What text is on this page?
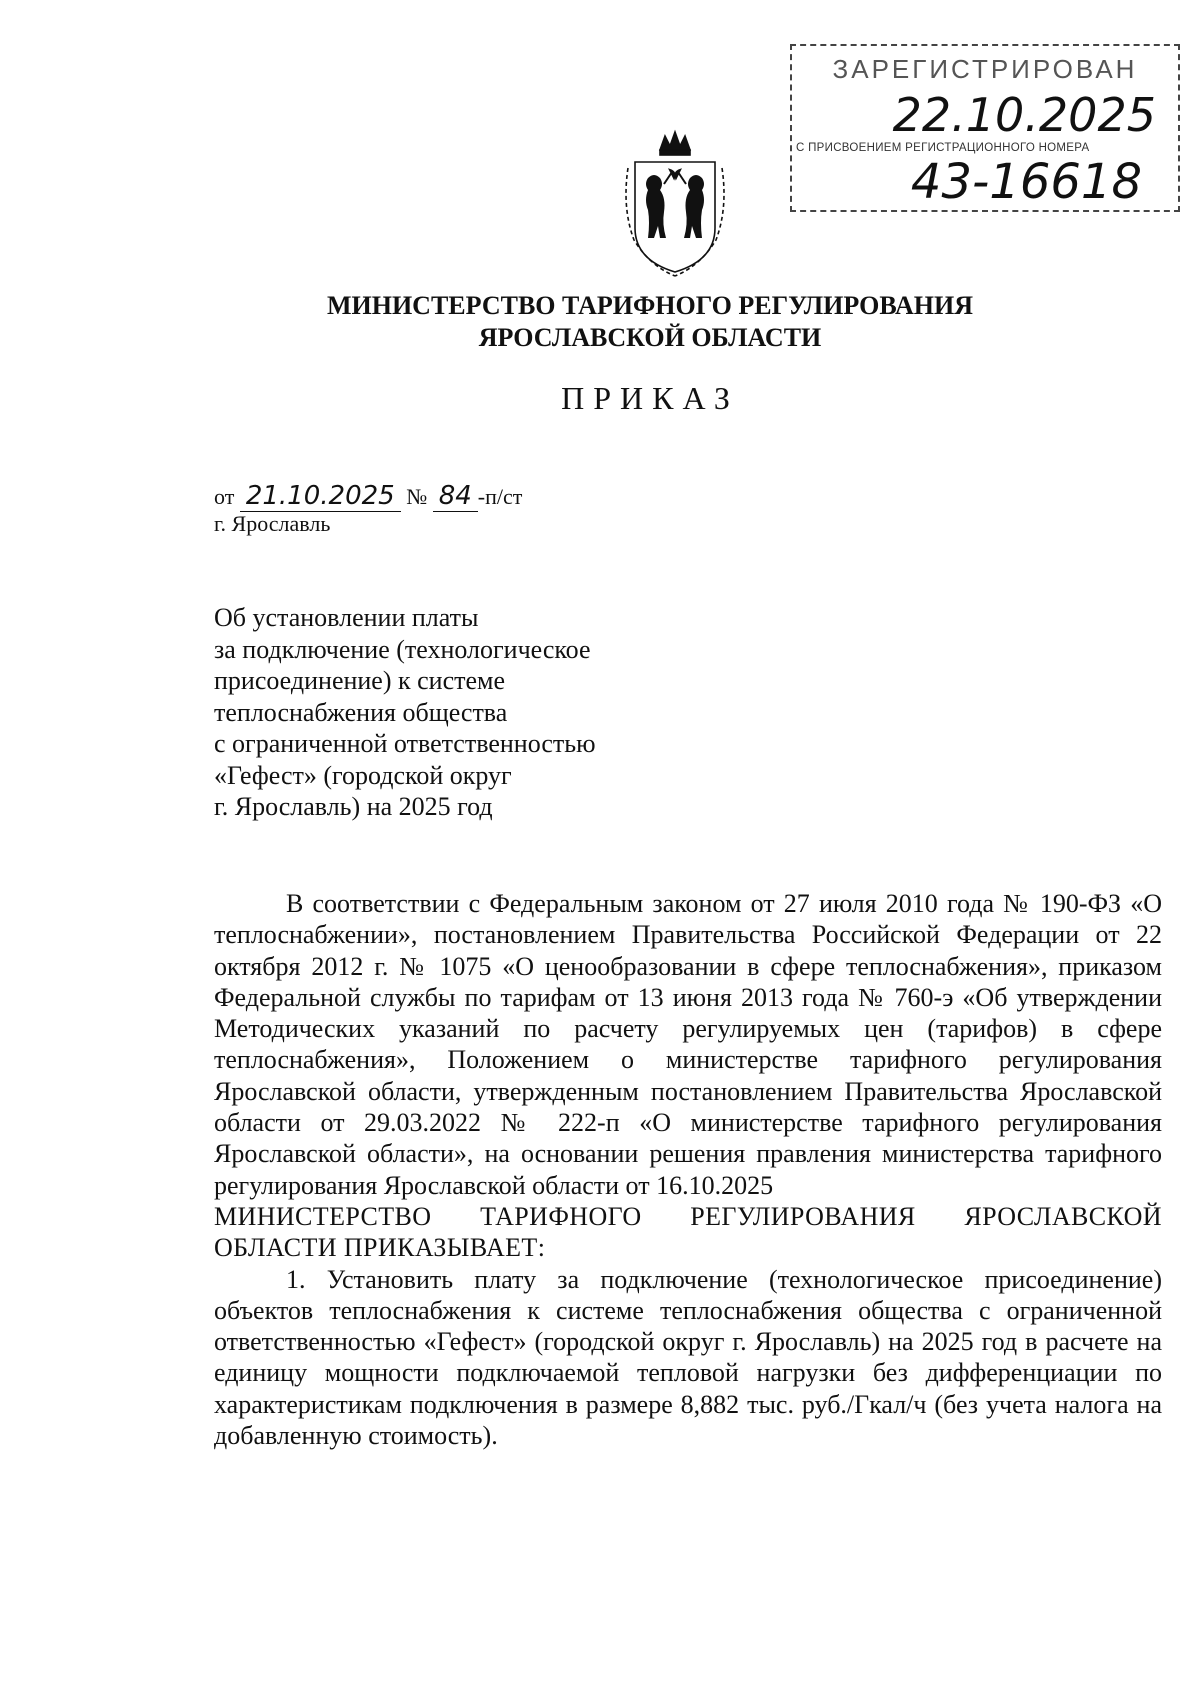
ЗАРЕГИСТРИРОВАН
22.10.2025
С ПРИСВОЕНИЕМ РЕГИСТРАЦИОННОГО НОМЕРА
43-16618
МИНИСТЕРСТВО ТАРИФНОГО РЕГУЛИРОВАНИЯ
ЯРОСЛАВСКОЙ ОБЛАСТИ
ПРИКАЗ
от 21.10.2025 № 84 -п/ст
г. Ярославль
Об установлении платы
за подключение (технологическое
присоединение) к системе
теплоснабжения общества
с ограниченной ответственностью
«Гефест» (городской округ
г. Ярославль) на 2025 год

В соответствии с Федеральным законом от 27 июля 2010 года № 190-ФЗ «О теплоснабжении», постановлением Правительства Российской Федерации от 22 октября 2012 г. № 1075 «О ценообразовании в сфере теплоснабжения», приказом Федеральной службы по тарифам от 13 июня 2013 года № 760-э «Об утверждении Методических указаний по расчету регулируемых цен (тарифов) в сфере теплоснабжения», Положением о министерстве тарифного регулирования Ярославской области, утвержденным постановлением Правительства Ярославской области от 29.03.2022 № 222-п «О министерстве тарифного регулирования Ярославской области», на основании решения правления министерства тарифного регулирования Ярославской области от 16.10.2025

МИНИСТЕРСТВО ТАРИФНОГО РЕГУЛИРОВАНИЯ ЯРОСЛАВСКОЙ ОБЛАСТИ ПРИКАЗЫВАЕТ:

1. Установить плату за подключение (технологическое присоединение) объектов теплоснабжения к системе теплоснабжения общества с ограниченной ответственностью «Гефест» (городской округ г. Ярославль) на 2025 год в расчете на единицу мощности подключаемой тепловой нагрузки без дифференциации по характеристикам подключения в размере 8,882 тыс. руб./Гкал/ч (без учета налога на добавленную стоимость).
